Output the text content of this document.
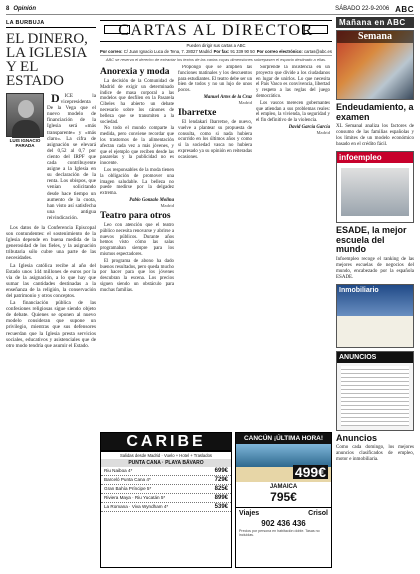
8 Opinión	SÁBADO 22-9-2006 ABC
LA BURBUJA
EL DINERO, LA IGLESIA Y EL ESTADO
LUIS IGNACIO PARADA

DICE la vicepresidenta De la Vega que el nuevo modelo de financiación de la Iglesia será «más transparente» y «más claro». La cifra de asignación se elevará del 0,52 al 0,7 por ciento del IRPF que cada contribuyente asigne a la Iglesia en su declaración de la renta. Los obispos, que venían solicitando desde hace tiempo un aumento de la cuota, han visto así satisfecha una antigua reivindicación.

Los datos de la Conferencia Episcopal son contundentes: el sostenimiento de la Iglesia depende en buena medida de la generosidad de los fieles, y la asignación tributaria sólo cubre una parte de las necesidades.

La Iglesia católica recibe al año del Estado unos 144 millones de euros por la vía de la asignación, a lo que hay que sumar las cantidades destinadas a la enseñanza de la religión, la conservación del patrimonio y otros conceptos.

La financiación pública de las confesiones religiosas sigue siendo objeto de debate. Quienes se oponen al nuevo modelo consideran que supone un privilegio, mientras que sus defensores recuerdan que la Iglesia presta servicios sociales, educativos y asistenciales que de otro modo tendría que asumir el Estado.

CARTAS AL DIRECTOR
Pueden dirigir sus cartas a ABC
Por correo: C/ Juan Ignacio Luca de Tena, 7. 28027 Madrid Por fax: 91 339 90 50 Por correo electrónico: cartas@abc.es
ABC se reserva el derecho de extractar los textos de las cartas cuyas dimensiones sobrepasen el espacio destinado a ellas.
Anorexia y moda

La decisión de la Comunidad de Madrid de exigir un determinado índice de masa corporal a las modelos que desfilen en la Pasarela Cibeles ha abierto un debate necesario sobre los cánones de belleza que se transmiten a la sociedad.

No todo el mundo comparte la medida, pero conviene recordar que los trastornos de la alimentación afectan cada vez a más jóvenes, y que el ejemplo que reciben desde las pasarelas y la publicidad no es inocente.

Los responsables de la moda tienen la obligación de promover una imagen saludable. La belleza no puede medirse por la delgadez extrema.

Pablo Gonzalo Molina
Madrid
Teatro para otros

Leo con atención que el teatro público necesita renovarse y abrirse a nuevos públicos. Durante años hemos visto cómo las salas programaban siempre para los mismos espectadores.

El programa de abono ha dado buenos resultados, pero queda mucho por hacer para que los jóvenes descubran la escena. Los precios siguen siendo un obstáculo para muchas familias.

Propongo que se amplíen las funciones matinales y los descuentos para estudiantes. El teatro debe ser un bien de todos y no un lujo de unos pocos.

Manuel Artes de la Cruz
Madrid
Ibarretxe

El lendakari Ibarretxe, de nuevo, vuelve a plantear su propuesta de consulta, como si nada hubiera ocurrido en los últimos años y como si la sociedad vasca no hubiera expresado ya su opinión en reiteradas ocasiones.

Sorprende la insistencia en un proyecto que divide a los ciudadanos en lugar de unirlos. Lo que necesita el País Vasco es convivencia, libertad y respeto a las reglas del juego democrático.

Los vascos merecen gobernantes que atiendan a sus problemas reales: el empleo, la vivienda, la seguridad y el fin definitivo de la violencia.

David García García
Madrid
CARIBE
Salidas desde Madrid · Vuelo + Hotel + Traslados
PUNTA CANA · PLAYA BÁVARO
Riu Naiboa 4*	699€
Barceló Punta Cana 4*	729€
Gran Bahía Príncipe 5*	825€
Riviera Maya · Riu Yucatán 5*	899€
La Romana · Viva Wyndham 4*	539€
CANCÚN ¡ÚLTIMA HORA!
499€
JAMAICA
795€
Viajes	Crisol
902 436 436
Precios por persona en habitación doble. Tasas no incluidas.
Mañana en ABC
Semana
Endeudamiento, a examen
XL Semanal analiza los factores de consumo de las familias españolas y los límites de un modelo económico basado en el crédito fácil.
infoempleo
ESADE, la mejor escuela del mundo
Infoempleo recoge el ranking de las mejores escuelas de negocios del mundo, encabezado por la española ESADE.
Inmobiliario
ANUNCIOS
Anuncios
Como cada domingo, los mejores anuncios clasificados de empleo, motor e inmobiliaria.
